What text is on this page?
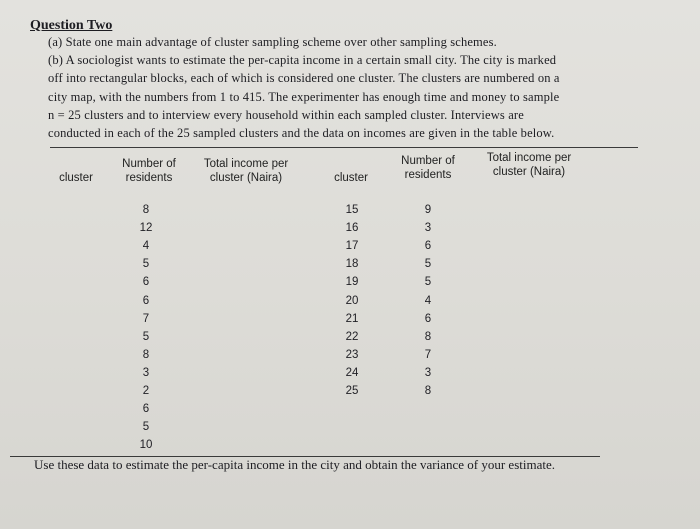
Question Two

(a) State one main advantage of cluster sampling scheme over other sampling schemes.

(b) A sociologist wants to estimate the per-capita income in a certain small city. The city is marked
off into rectangular blocks, each of which is considered one cluster. The clusters are numbered on a
city map, with the numbers from 1 to 415. The experimenter has enough time and money to sample
n = 25 clusters and to interview every household within each sampled cluster. Interviews are
conducted in each of the 25 sampled clusters and the data on incomes are given in the table below.
cluster
Number of residents
Total income per cluster (Naira)	cluster
Number of residents
Total income per cluster (Naira)
8
12
4
5
6
6
7
5
8
3
2
6
5
10
15
16
17
18
19
20
21
22
23
24
25
9
3
6
5
5
4
6
8
7
3
8
Use these data to estimate the per-capita income in the city and obtain the variance of your estimate.
